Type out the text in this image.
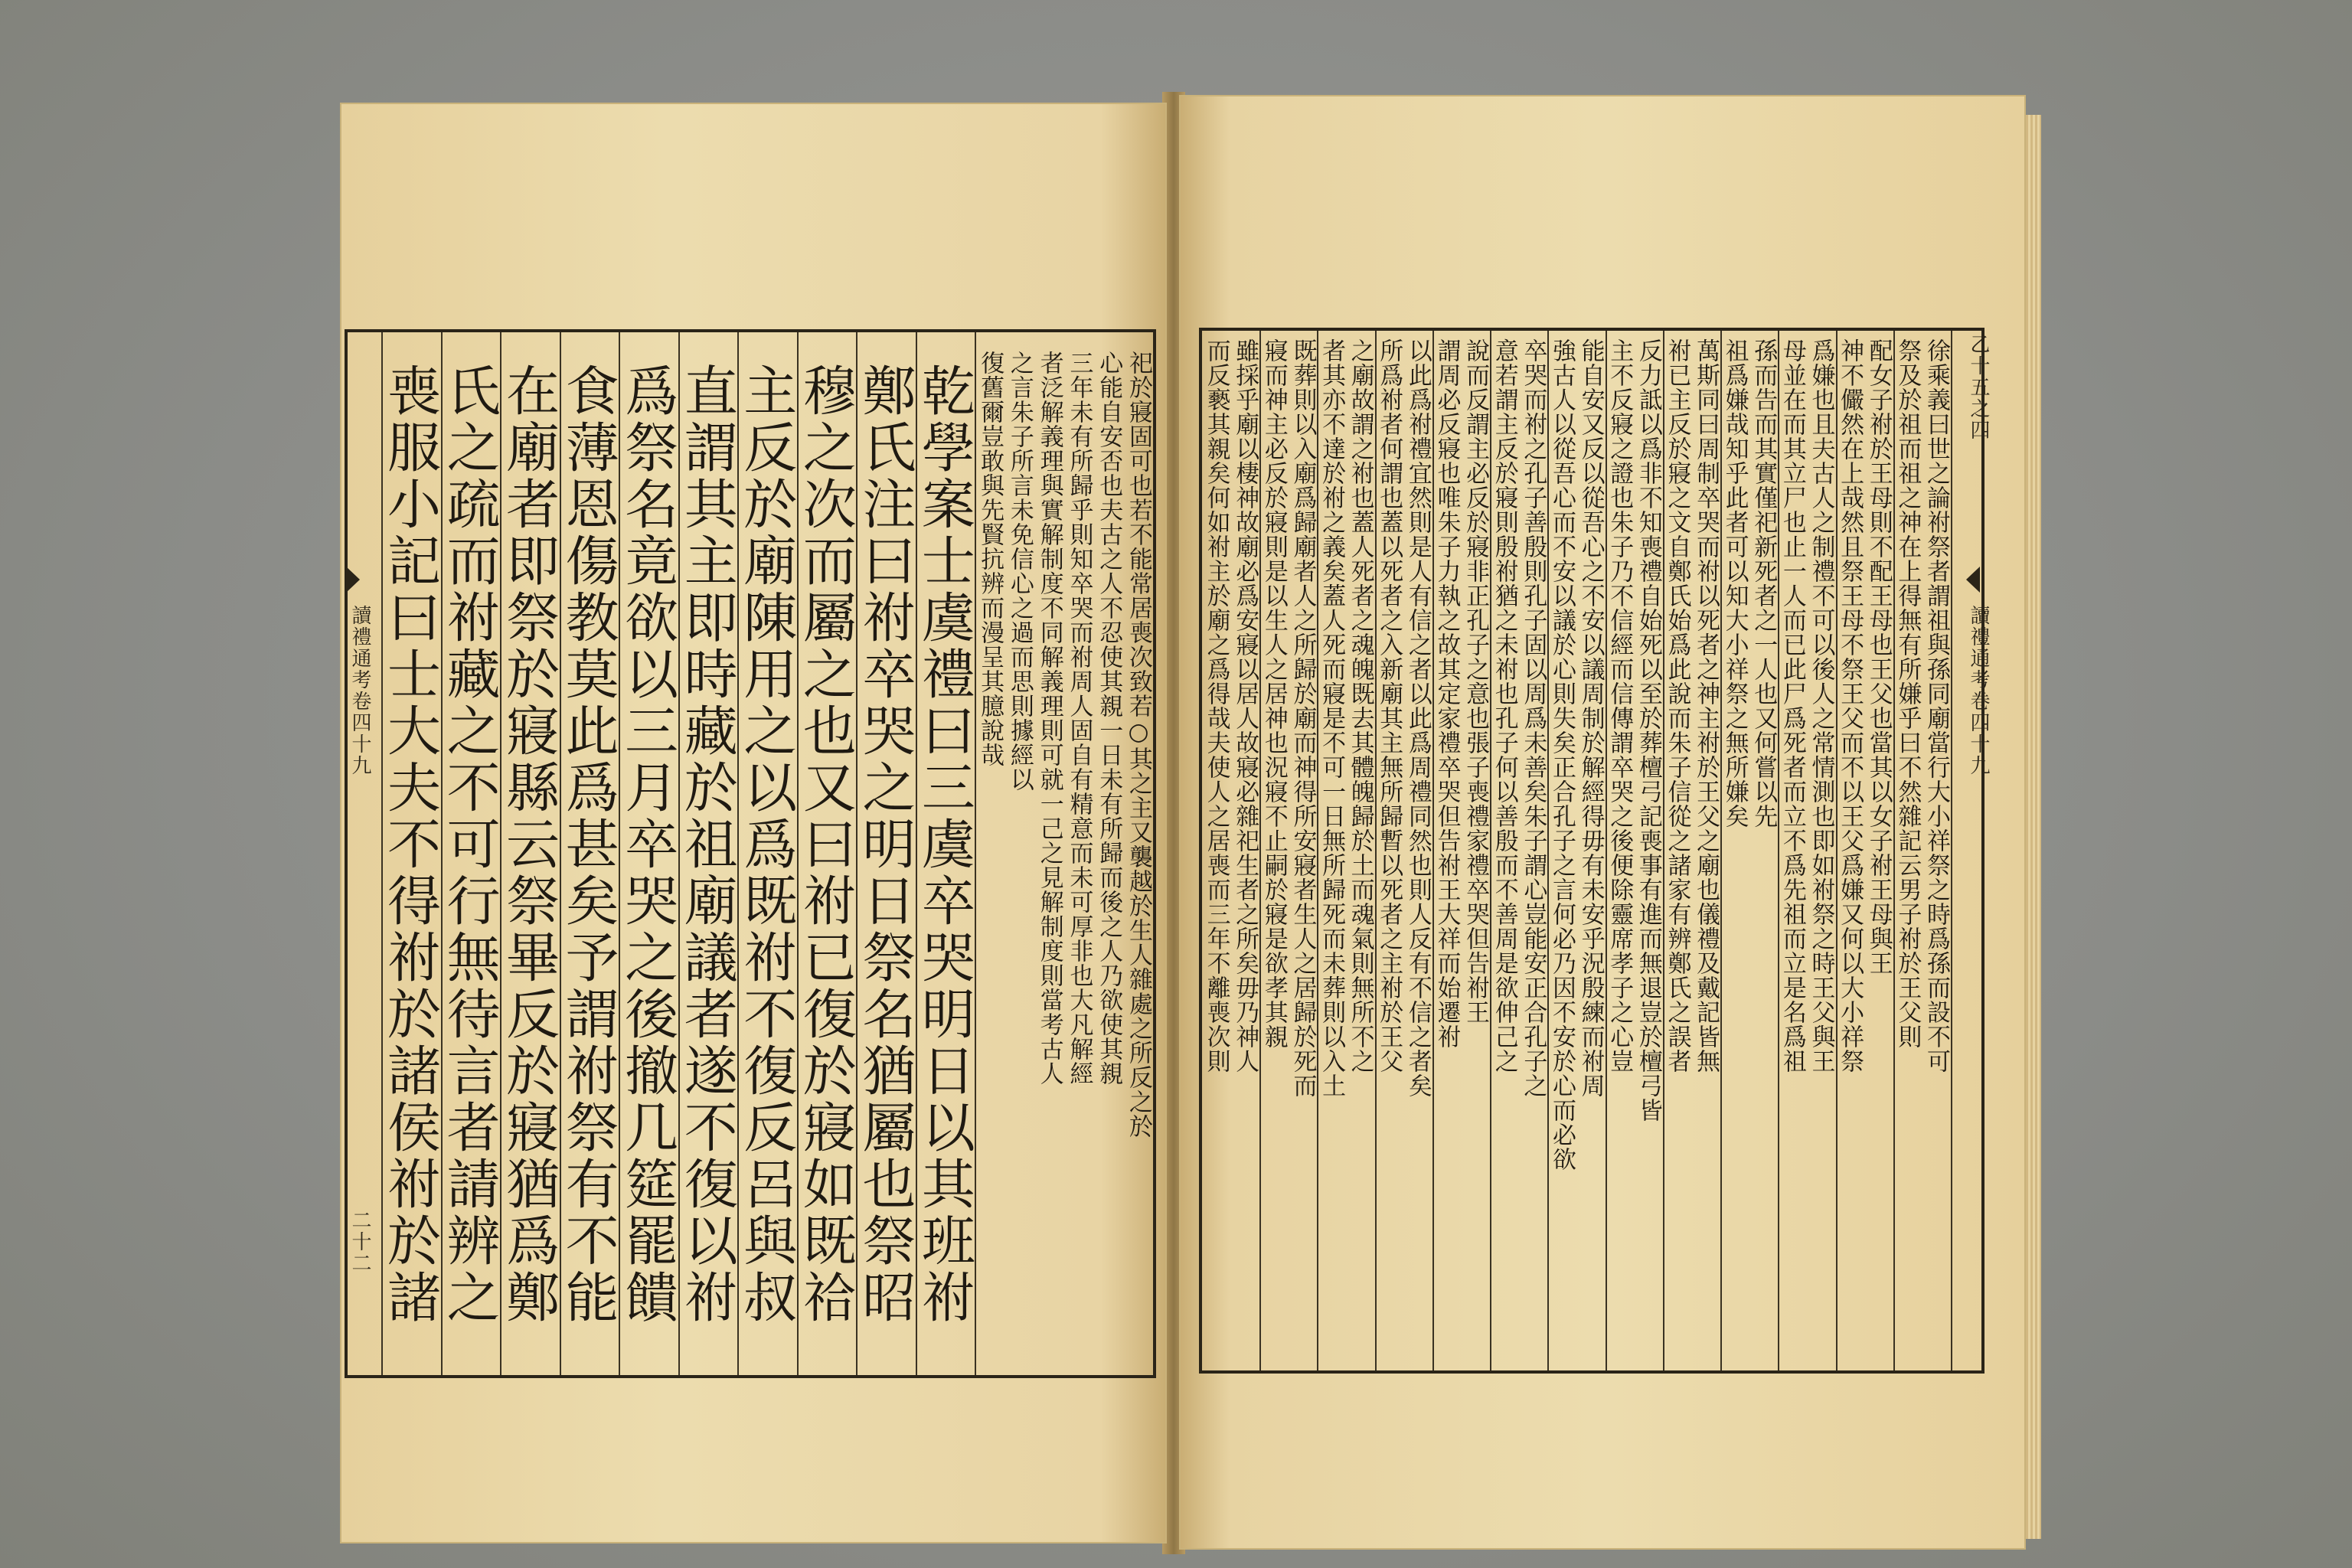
祀於寢固可也若不能常居喪次致若○其之主又襲越於生人雜處之所反之於
心能自安否也夫古之人不忍使其親一日未有所歸而後之人乃欲使其親
三年未有所歸乎則知卒哭而祔周人固自有精意而未可厚非也大凡解經
者泛解義理與實解制度不同解義理則可就一己之見解制度則當考古人
之言朱子所言未免信心之過而思則據經以
復舊爾豈敢與先賢抗辨而漫呈其臆說哉
乾學案士虞禮曰三虞卒哭明日以其班祔
鄭氏注曰祔卒哭之明日祭名猶屬也祭昭
穆之次而屬之也又曰祔已復於寢如既祫
主反於廟陳用之以爲既祔不復反呂與叔
直謂其主即時藏於祖廟議者遂不復以祔
爲祭名竟欲以三月卒哭之後撤几筵罷饋
食薄恩傷教莫此爲甚矣予謂祔祭有不能
在廟者即祭於寢縣云祭畢反於寢猶爲鄭
氏之疏而祔藏之不可行無待言者請辨之
喪服小記曰士大夫不得祔於諸侯祔於諸
讀禮通考卷四十九
二十二
徐乘義曰世之論祔祭者謂祖與孫同廟當行大小祥祭之時爲孫而設不可
祭及於祖而祖之神在上得無有所嫌乎曰不然雜記云男子祔於王父則
配女子祔於王母則不配王母也王父也當其以女子祔王母與王
神不儼然在上哉然且祭王母不祭王父而不以王父爲嫌又何以大小祥祭
爲嫌也且夫古人之制禮不可以後人之常情測也即如祔祭之時王父與王
母並在而其立尸也止一人而已此尸爲死者而立不爲先祖而立是名爲祖
孫而告而其實僅祀新死者之一人也又何嘗以先
祖爲嫌哉知乎此者可以知大小祥祭之無所嫌矣
萬斯同曰周制卒哭而祔以死者之神主祔於王父之廟也儀禮及戴記皆無
祔已主反於寢之文自鄭氏始爲此說而朱子信從之諸家有辨鄭氏之誤者
反力詆以爲非不知喪禮自始死以至於葬檀弓記喪事有進而無退豈於檀弓皆
主不反寢之證也朱子乃不信經而信傳謂卒哭之後便除靈席孝子之心豈
能自安又反以從吾心之不安以議周制於解經得毋有未安乎況殷練而祔周
強古人以從吾心而不安以議於心則失矣正合孔子之言何必乃因不安於心而必欲
卒哭而祔之孔子善殷則孔子固以周爲未善矣朱子謂心豈能安正合孔子之
意若謂主反於寢則殷祔猶之未祔也孔子何以善殷而不善周是欲伸己之
說而反謂主必反於寢非正孔子之意也張子喪禮家禮卒哭但告祔王
謂周必反寢也唯朱子力執之故其定家禮卒哭但告祔王大祥而始遷祔
以此爲祔禮宜然則是人有信之者以此爲周禮同然也則人反有不信之者矣
所爲祔者何謂也蓋以死者之入新廟其主無所歸暫以死者之主祔於王父
之廟故謂之祔也蓋人死者之魂魄既去其體魄歸於土而魂氣則無所不之
者其亦不達於祔之義矣蓋人死而寢是不可一日無所歸死而未葬則以入土
既葬則以入廟爲歸廟者人之所歸於廟而神得所安寢者生人之居歸於死而
寢而神主必反於寢則是以生人之居神也況寢不止嗣於寢是欲孝其親
雖採乎廟以棲神故廟必爲安寢以居人故寢必雜祀生者之所矣毋乃神人
而反褻其親矣何如祔主於廟之爲得哉夫使人之居喪而三年不離喪次則	乙十五之四
讀禮通考卷四十九
